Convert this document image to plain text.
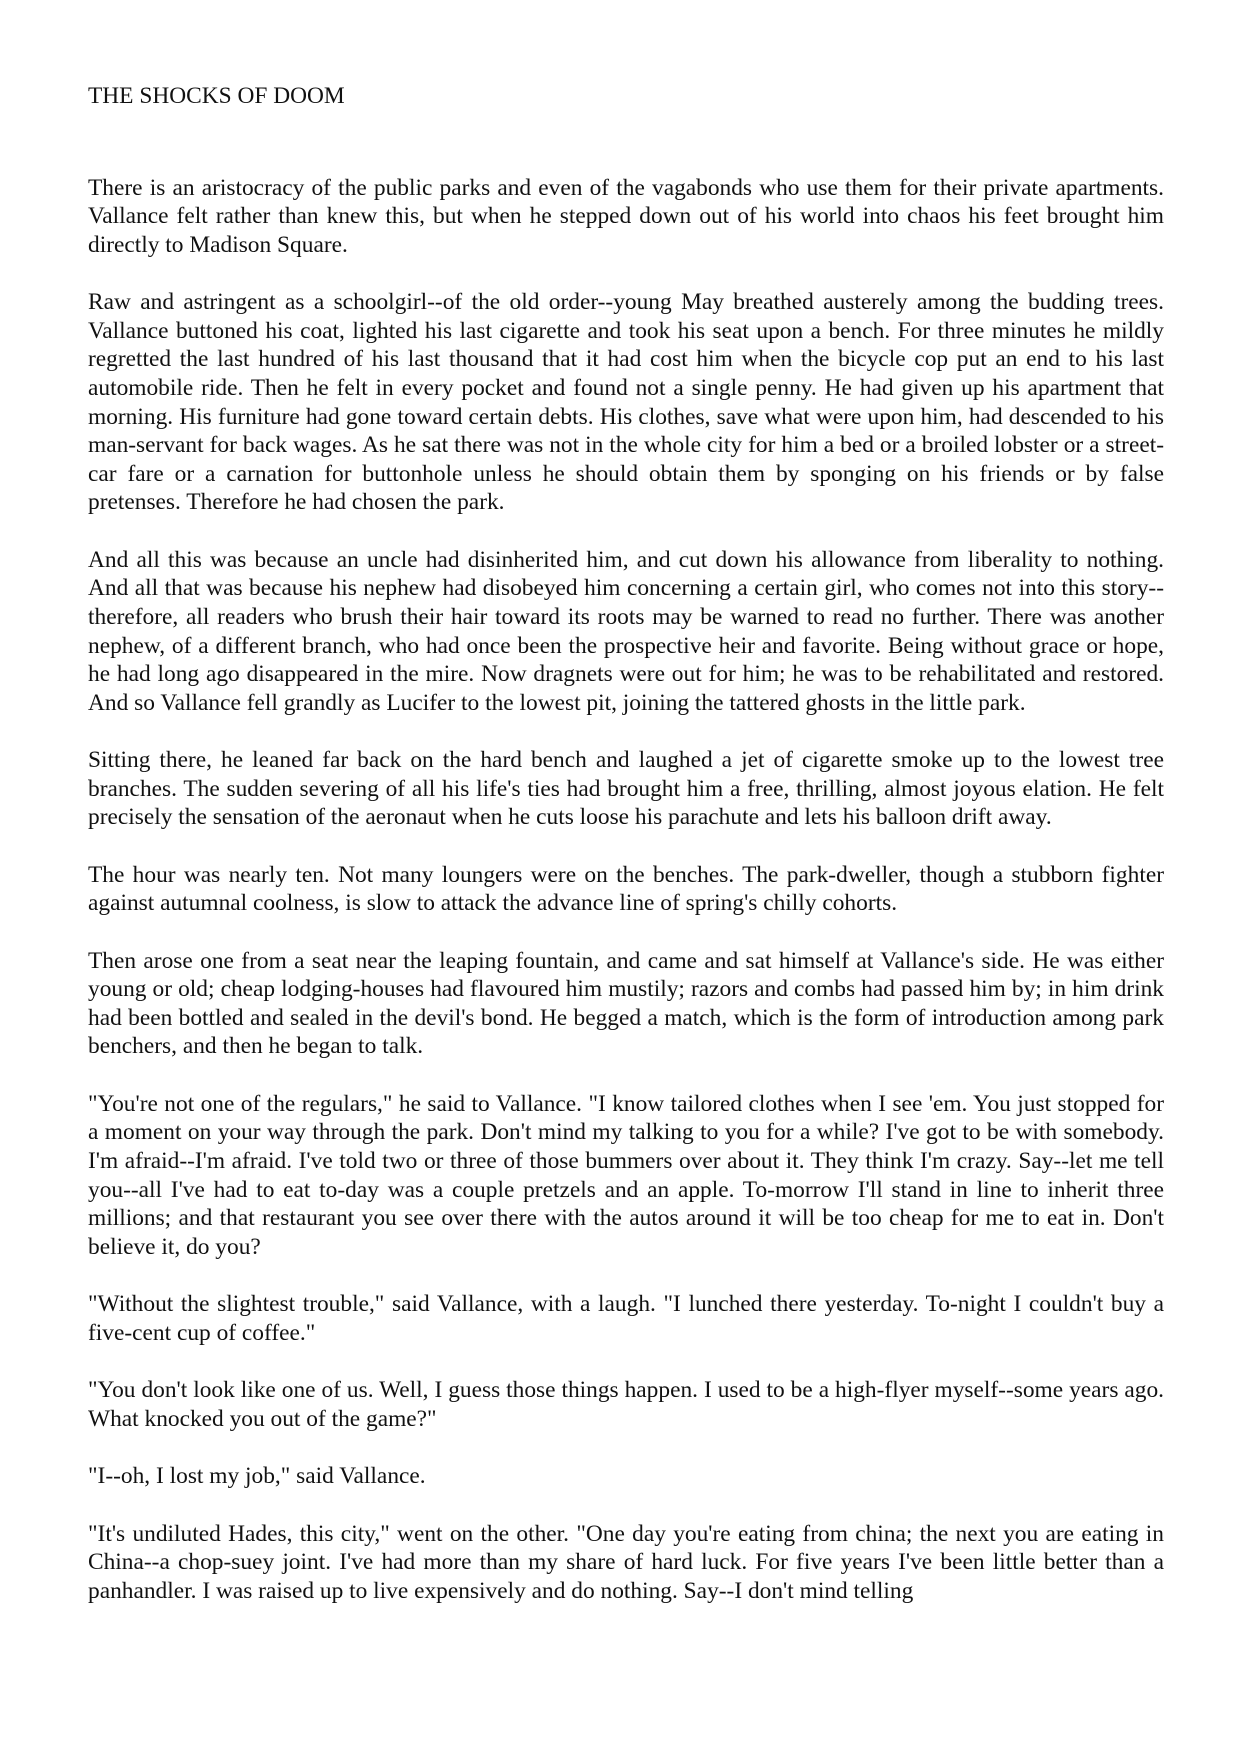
THE SHOCKS OF DOOM

There is an aristocracy of the public parks and even of the vagabonds who use them for their private apartments. Vallance felt rather than knew this, but when he stepped down out of his world into chaos his feet brought him directly to Madison Square.

Raw and astringent as a schoolgirl--of the old order--young May breathed austerely among the budding trees. Vallance buttoned his coat, lighted his last cigarette and took his seat upon a bench. For three minutes he mildly regretted the last hundred of his last thousand that it had cost him when the bicycle cop put an end to his last automobile ride. Then he felt in every pocket and found not a single penny. He had given up his apartment that morning. His furniture had gone toward certain debts. His clothes, save what were upon him, had descended to his man-servant for back wages. As he sat there was not in the whole city for him a bed or a broiled lobster or a street-car fare or a carnation for buttonhole unless he should obtain them by sponging on his friends or by false pretenses. Therefore he had chosen the park.

And all this was because an uncle had disinherited him, and cut down his allowance from liberality to nothing. And all that was because his nephew had disobeyed him concerning a certain girl, who comes not into this story--therefore, all readers who brush their hair toward its roots may be warned to read no further. There was another nephew, of a different branch, who had once been the prospective heir and favorite. Being without grace or hope, he had long ago disappeared in the mire. Now dragnets were out for him; he was to be rehabilitated and restored. And so Vallance fell grandly as Lucifer to the lowest pit, joining the tattered ghosts in the little park.

Sitting there, he leaned far back on the hard bench and laughed a jet of cigarette smoke up to the lowest tree branches. The sudden severing of all his life's ties had brought him a free, thrilling, almost joyous elation. He felt precisely the sensation of the aeronaut when he cuts loose his parachute and lets his balloon drift away.

The hour was nearly ten. Not many loungers were on the benches. The park-dweller, though a stubborn fighter against autumnal coolness, is slow to attack the advance line of spring's chilly cohorts.

Then arose one from a seat near the leaping fountain, and came and sat himself at Vallance's side. He was either young or old; cheap lodging-houses had flavoured him mustily; razors and combs had passed him by; in him drink had been bottled and sealed in the devil's bond. He begged a match, which is the form of introduction among park benchers, and then he began to talk.

"You're not one of the regulars," he said to Vallance. "I know tailored clothes when I see 'em. You just stopped for a moment on your way through the park. Don't mind my talking to you for a while? I've got to be with somebody. I'm afraid--I'm afraid. I've told two or three of those bummers over about it. They think I'm crazy. Say--let me tell you--all I've had to eat to-day was a couple pretzels and an apple. To-morrow I'll stand in line to inherit three millions; and that restaurant you see over there with the autos around it will be too cheap for me to eat in. Don't believe it, do you?

"Without the slightest trouble," said Vallance, with a laugh. "I lunched there yesterday. To-night I couldn't buy a five-cent cup of coffee."

"You don't look like one of us. Well, I guess those things happen. I used to be a high-flyer myself--some years ago. What knocked you out of the game?"

"I--oh, I lost my job," said Vallance.

"It's undiluted Hades, this city," went on the other. "One day you're eating from china; the next you are eating in China--a chop-suey joint. I've had more than my share of hard luck. For five years I've been little better than a panhandler. I was raised up to live expensively and do nothing. Say--I don't mind telling
